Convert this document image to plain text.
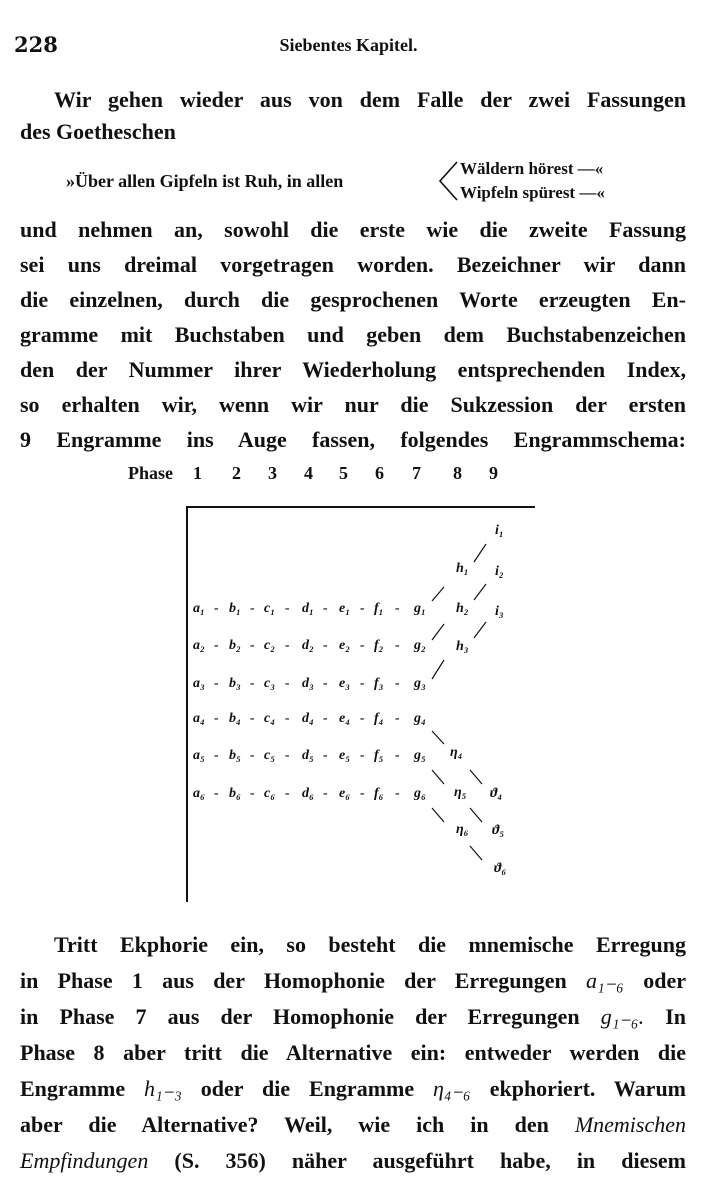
228	Siebentes Kapitel.
Wir gehen wieder aus von dem Falle der zwei Fassungen
des Goetheschen
»Über allen Gipfeln ist Ruh, in allen
Wäldern hörest —«
Wipfeln spürest —«
und nehmen an, sowohl die erste wie die zweite Fassung
sei uns dreimal vorgetragen worden. Bezeichner wir dann
die einzelnen, durch die gesprochenen Worte erzeugten En-
gramme mit Buchstaben und geben dem Buchstabenzeichen
den der Nummer ihrer Wiederholung entsprechenden Index,
so erhalten wir, wenn wir nur die Sukzession der ersten
9 Engramme ins Auge fassen, folgendes Engrammschema:
Phase 1 2 3 4 5 6 7 8 9
a₁ - b₁ - c₁ - d₁ - e₁ - f₁ - g₁
h₁
i₁
a₂ - b₂ - c₂ - d₂ - e₂ - f₂ - g₂
h₂
i₂
a₃ - b₃ - c₃ - d₃ - e₃ - f₃ - g₃
h₃
i₃
a₄ - b₄ - c₄ - d₄ - e₄ - f₄ - g₄
η₄
ϑ₄
a₅ - b₅ - c₅ - d₅ - e₅ - f₅ - g₅
η₅
ϑ₅
a₆ - b₆ - c₆ - d₆ - e₆ - f₆ - g₆
η₆
ϑ₆
Tritt Ekphorie ein, so besteht die mnemische Erregung
in Phase 1 aus der Homophonie der Erregungen a₁₋₆ oder
in Phase 7 aus der Homophonie der Erregungen g₁₋₆. In
Phase 8 aber tritt die Alternative ein: entweder werden die
Engramme h₁₋₃ oder die Engramme η₄₋₆ ekphoriert. Warum
aber die Alternative? Weil, wie ich in den Mnemischen
Empfindungen (S. 356) näher ausgeführt habe, in diesem
